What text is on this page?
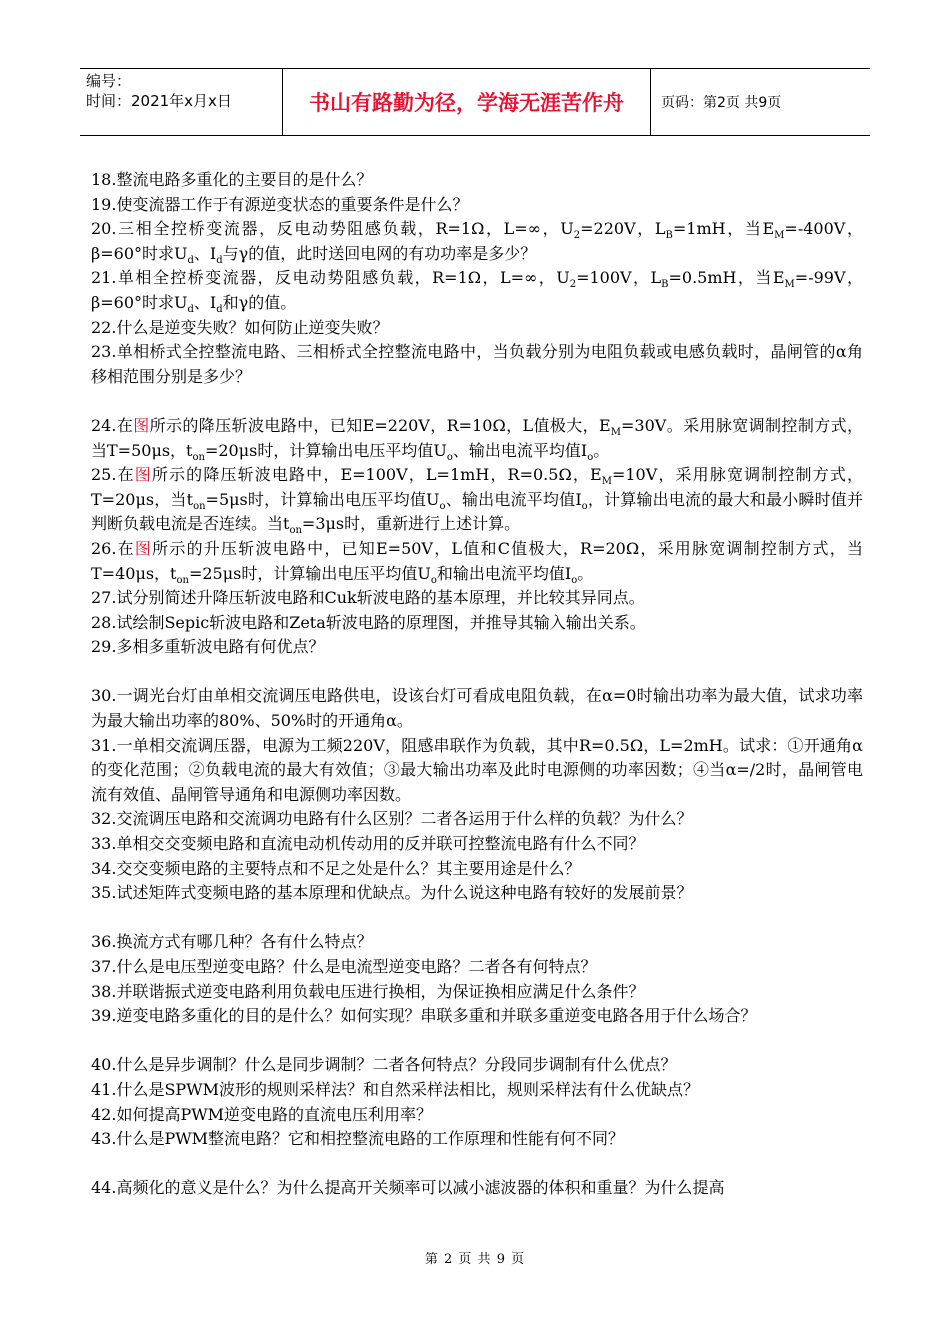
编号：
时间：2021年x月x日	书山有路勤为径，学海无涯苦作舟	页码：第2页 共9页

18.整流电路多重化的主要目的是什么？

19.使变流器工作于有源逆变状态的重要条件是什么？

20.三相全控桥变流器，反电动势阻感负载，R=1Ω，L=∞，$U_2=220V$，$L_B=1mH$，当$E_M=-400V$，β=60°时求$U_d$、$I_d$与γ的值，此时送回电网的有功功率是多少？

21.单相全控桥变流器，反电动势阻感负载，R=1Ω，L=∞，$U_2=100V$，$L_B=0.5mH$，当$E_M=-99V$，β=60°时求$U_d$、$I_d$和γ的值。

22.什么是逆变失败？如何防止逆变失败？

23.单相桥式全控整流电路、三相桥式全控整流电路中，当负载分别为电阻负载或电感负载时，晶闸管的α角移相范围分别是多少？

24.在图所示的降压斩波电路中，已知E=220V，R=10Ω，L值极大，$E_M=30V$。采用脉宽调制控制方式，当T=50μs，$t_{on}=20\mu s$时，计算输出电压平均值$U_o$、输出电流平均值$I_o$。

25.在图所示的降压斩波电路中，E=100V，L=1mH，R=0.5Ω，$E_M=10V$，采用脉宽调制控制方式，T=20μs，当$t_{on}=5\mu s$时，计算输出电压平均值$U_o$、输出电流平均值$I_o$，计算输出电流的最大和最小瞬时值并判断负载电流是否连续。当$t_{on}=3\mu s$时，重新进行上述计算。

26.在图所示的升压斩波电路中，已知E=50V，L值和C值极大，R=20Ω，采用脉宽调制控制方式，当T=40μs，$t_{on}=25\mu s$时，计算输出电压平均值$U_o$和输出电流平均值$I_o$。

27.试分别简述升降压斩波电路和Cuk斩波电路的基本原理，并比较其异同点。

28.试绘制Sepic斩波电路和Zeta斩波电路的原理图，并推导其输入输出关系。

29.多相多重斩波电路有何优点？

30.一调光台灯由单相交流调压电路供电，设该台灯可看成电阻负载，在α=0时输出功率为最大值，试求功率为最大输出功率的80%、50%时的开通角α。

31.一单相交流调压器，电源为工频220V，阻感串联作为负载，其中R=0.5Ω，L=2mH。试求：①开通角α的变化范围；②负载电流的最大有效值；③最大输出功率及此时电源侧的功率因数；④当α=/2时，晶闸管电流有效值、晶闸管导通角和电源侧功率因数。

32.交流调压电路和交流调功电路有什么区别？二者各运用于什么样的负载？为什么？

33.单相交交变频电路和直流电动机传动用的反并联可控整流电路有什么不同？

34.交交变频电路的主要特点和不足之处是什么？其主要用途是什么？

35.试述矩阵式变频电路的基本原理和优缺点。为什么说这种电路有较好的发展前景？

36.换流方式有哪几种？各有什么特点？

37.什么是电压型逆变电路？什么是电流型逆变电路？二者各有何特点？

38.并联谐振式逆变电路利用负载电压进行换相，为保证换相应满足什么条件？

39.逆变电路多重化的目的是什么？如何实现？串联多重和并联多重逆变电路各用于什么场合？

40.什么是异步调制？什么是同步调制？二者各何特点？分段同步调制有什么优点？

41.什么是SPWM波形的规则采样法？和自然采样法相比，规则采样法有什么优缺点？

42.如何提高PWM逆变电路的直流电压利用率？

43.什么是PWM整流电路？它和相控整流电路的工作原理和性能有何不同？

44.高频化的意义是什么？为什么提高开关频率可以减小滤波器的体积和重量？为什么提高

第 2 页 共 9 页
